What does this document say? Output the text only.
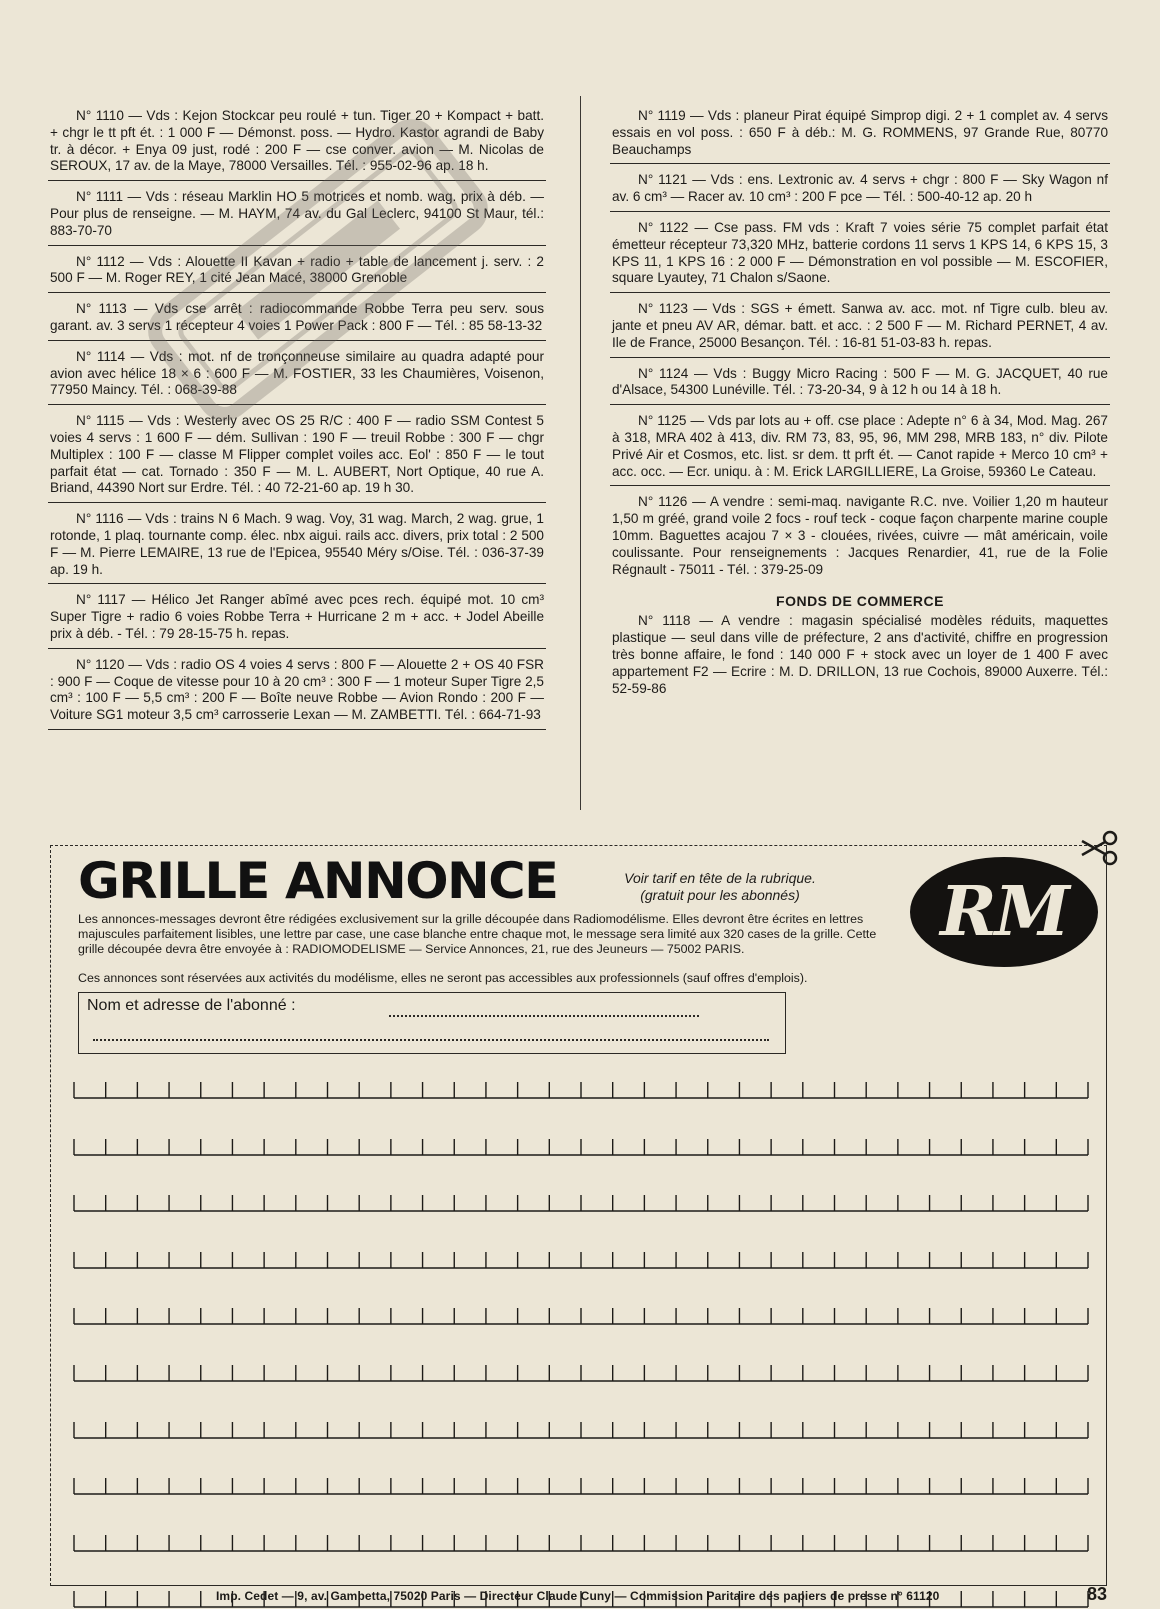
N° 1110 — Vds : Kejon Stockcar peu roulé + tun. Tiger 20 + Kompact + batt. + chgr le tt pft ét. : 1 000 F — Démonst. poss. — Hydro. Kastor agrandi de Baby tr. à décor. + Enya 09 just, rodé : 200 F — cse conver. avion — M. Nicolas de SEROUX, 17 av. de la Maye, 78000 Versailles. Tél. : 955-02-96 ap. 18 h.
N° 1111 — Vds : réseau Marklin HO 5 motrices et nomb. wag. prix à déb. — Pour plus de renseigne. — M. HAYM, 74 av. du Gal Leclerc, 94100 St Maur, tél.: 883-70-70
N° 1112 — Vds : Alouette II Kavan + radio + table de lancement j. serv. : 2 500 F — M. Roger REY, 1 cité Jean Macé, 38000 Grenoble
N° 1113 — Vds cse arrêt : radiocommande Robbe Terra peu serv. sous garant. av. 3 servs 1 récepteur 4 voies 1 Power Pack : 800 F — Tél. : 85 58-13-32
N° 1114 — Vds : mot. nf de tronçonneuse similaire au quadra adapté pour avion avec hélice 18 × 6 : 600 F — M. FOSTIER, 33 les Chaumières, Voisenon, 77950 Maincy. Tél. : 068-39-88
N° 1115 — Vds : Westerly avec OS 25 R/C : 400 F — radio SSM Contest 5 voies 4 servs : 1 600 F — dém. Sullivan : 190 F — treuil Robbe : 300 F — chgr Multiplex : 100 F — classe M Flipper complet voiles acc. Eol' : 850 F — le tout parfait état — cat. Tornado : 350 F — M. L. AUBERT, Nort Optique, 40 rue A. Briand, 44390 Nort sur Erdre. Tél. : 40 72-21-60 ap. 19 h 30.
N° 1116 — Vds : trains N 6 Mach. 9 wag. Voy, 31 wag. March, 2 wag. grue, 1 rotonde, 1 plaq. tournante comp. élec. nbx aigui. rails acc. divers, prix total : 2 500 F — M. Pierre LEMAIRE, 13 rue de l'Epicea, 95540 Méry s/Oise. Tél. : 036-37-39 ap. 19 h.
N° 1117 — Hélico Jet Ranger abîmé avec pces rech. équipé mot. 10 cm³ Super Tigre + radio 6 voies Robbe Terra + Hurricane 2 m + acc. + Jodel Abeille prix à déb. - Tél. : 79 28-15-75 h. repas.
N° 1120 — Vds : radio OS 4 voies 4 servs : 800 F — Alouette 2 + OS 40 FSR : 900 F — Coque de vitesse pour 10 à 20 cm³ : 300 F — 1 moteur Super Tigre 2,5 cm³ : 100 F — 5,5 cm³ : 200 F — Boîte neuve Robbe — Avion Rondo : 200 F — Voiture SG1 moteur 3,5 cm³ carrosserie Lexan — M. ZAMBETTI. Tél. : 664-71-93
N° 1119 — Vds : planeur Pirat équipé Simprop digi. 2 + 1 complet av. 4 servs essais en vol poss. : 650 F à déb.: M. G. ROMMENS, 97 Grande Rue, 80770 Beauchamps
N° 1121 — Vds : ens. Lextronic av. 4 servs + chgr : 800 F — Sky Wagon nf av. 6 cm³ — Racer av. 10 cm³ : 200 F pce — Tél. : 500-40-12 ap. 20 h
N° 1122 — Cse pass. FM vds : Kraft 7 voies série 75 complet parfait état émetteur récepteur 73,320 MHz, batterie cordons 11 servs 1 KPS 14, 6 KPS 15, 3 KPS 11, 1 KPS 16 : 2 000 F — Démonstration en vol possible — M. ESCOFIER, square Lyautey, 71 Chalon s/Saone.
N° 1123 — Vds : SGS + émett. Sanwa av. acc. mot. nf Tigre culb. bleu av. jante et pneu AV AR, démar. batt. et acc. : 2 500 F — M. Richard PERNET, 4 av. Ile de France, 25000 Besançon. Tél. : 16-81 51-03-83 h. repas.
N° 1124 — Vds : Buggy Micro Racing : 500 F — M. G. JACQUET, 40 rue d'Alsace, 54300 Lunéville. Tél. : 73-20-34, 9 à 12 h ou 14 à 18 h.
N° 1125 — Vds par lots au + off. cse place : Adepte n° 6 à 34, Mod. Mag. 267 à 318, MRA 402 à 413, div. RM 73, 83, 95, 96, MM 298, MRB 183, n° div. Pilote Privé Air et Cosmos, etc. list. sr dem. tt prft ét. — Canot rapide + Merco 10 cm³ + acc. occ. — Ecr. uniqu. à : M. Erick LARGILLIERE, La Groise, 59360 Le Cateau.
N° 1126 — A vendre : semi-maq. navigante R.C. nve. Voilier 1,20 m hauteur 1,50 m gréé, grand voile 2 focs - rouf teck - coque façon charpente marine couple 10mm. Baguettes acajou 7 × 3 - clouées, rivées, cuivre — mât américain, voile coulissante. Pour renseignements : Jacques Renardier, 41, rue de la Folie Régnault - 75011 - Tél. : 379-25-09
FONDS DE COMMERCE
N° 1118 — A vendre : magasin spécialisé modèles réduits, maquettes plastique — seul dans ville de préfecture, 2 ans d'activité, chiffre en progression très bonne affaire, le fond : 140 000 F + stock avec un loyer de 1 400 F avec appartement F2 — Ecrire : M. D. DRILLON, 13 rue Cochois, 89000 Auxerre. Tél.: 52-59-86
GRILLE ANNONCE	Voir tarif en tête de la rubrique.
(gratuit pour les abonnés)	RM
Les annonces-messages devront être rédigées exclusivement sur la grille découpée dans Radiomodélisme. Elles devront être écrites en lettres majuscules parfaitement lisibles, une lettre par case, une case blanche entre chaque mot, le message sera limité aux 320 cases de la grille. Cette grille découpée devra être envoyée à : RADIOMODELISME — Service Annonces, 21, rue des Jeuneurs — 75002 PARIS.
Ces annonces sont réservées aux activités du modélisme, elles ne seront pas accessibles aux professionnels (sauf offres d'emplois).
Nom et adresse de l'abonné :
Imp. Cedet — 9, av. Gambetta, 75020 Paris — Directeur Claude Cuny — Commission Paritaire des papiers de presse n° 61120	83
